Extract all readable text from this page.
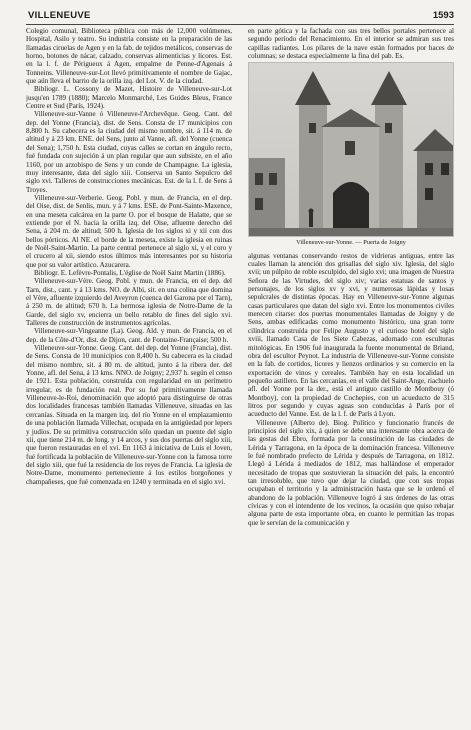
VILLENEUVE	1593

Colegio comunal, Biblioteca pública con más de 12,000 volúmenes, Hospital, Asilo y teatro. Su industria consiste en la preparación de las llamadas ciruelas de Agen y en la fab. de tejidos metálicos, conservas de horno, botones de nácar, calzado, conservas alimenticias y licores. Est. en la l. f. de Périgueux á Agen, empalme de Penne-d'Agenais á Tonneins. Villeneuve-sur-Lot llevó primitivamente el nombre de Gajac, que aún lleva el barrio de la orilla izq. del Lot. V. de la ciudad.

Bibliogr. L. Cossony de Mazet, Histoire de Villeneuve-sur-Lot jusqu'en 1789 (1880); Marcelo Monmarché, Les Guides Bleus, France Centre et Sud (París, 1924).

Villeneuve-sur-Vanne ó Villeneuve-l'Archevêque. Geog. Cant. del dep. del Yonne (Francia), dist. de Sens. Consta de 17 municipios con 8,800 h. Su cabecera es la ciudad del mismo nombre, sit. á 114 m. de altitud y á 23 km. ENE. del Sens, junto al Vanne, afl. del Yonne (cuenca del Sena); 1,750 h. Esta ciudad, cuyas calles se cortan en ángulo recto, fué fundada con sujeción á un plan regular que aun subsiste, en el año 1160, por un arzobispo de Sens y un conde de Champagne. La iglesia, muy interesante, data del siglo xiii. Conserva un Santo Sepulcro del siglo xvi. Talleres de construcciones mecánicas. Est. de la l. f. de Sens á Troyes.

Villeneuve-sur-Verberie. Geog. Pobl. y mun. de Francia, en el dep. del Oise, dist. de Senlis, mun. y á 7 kms. ESE. de Pont-Sainte-Maxence, en una meseta calcárea en la parte O. por el bosque de Halatte, que se extiende por el N. hacia la orilla izq. del Oise, afluente derecho del Sena, á 204 m. de altitud; 500 h. Iglesia de los siglos xi y xii con dos bellos pórticos. Al NE. el borde de la meseta, existe la iglesia en ruinas de Noël-Saint-Martin. La parte central pertenece al siglo xi, y el coro y el crucero al xii, siendo estos últimos más interesantes por su historia que por su valor artístico. Azucarera.

Bibliogr. E. Lefèvre-Pontalis, L'église de Noël Saint Martin (1886).

Villeneuve-sur-Vère. Geog. Pobl. y mun. de Francia, en el dep. del Tarn, dist., cant. y á 13 kms. NO. de Albi, sit. en una colina que domina el Vère, afluente izquierdo del Aveyron (cuenca del Garona por el Tarn), á 250 m. de altitud; 670 h. La hermosa iglesia de Notre-Dame de la Garde, del siglo xv, encierra un bello retablo de fines del siglo xvi. Talleres de construcción de instrumentos agrícolas.

Villeneuve-sur-Vingeanne (La). Geog. Ald. y mun. de Francia, en el dep. de la Côte-d'Or, dist. de Dijon, cant. de Fontaine-Française; 500 h.

Villeneuve-sur-Yonne. Geog. Cant. del dep. del Yonne (Francia), dist. de Sens. Consta de 10 municipios con 8,400 h. Su cabecera es la ciudad del mismo nombre, sit. á 80 m. de altitud, junto á la ribera der. del Yonne, afl. del Sena, á 13 kms. NNO. de Joigny; 2,937 h. según el censo de 1921. Esta población, construída con regularidad en un perímetro irregular, es de fundación real. Por su fué primitivamente llamada Villeneuve-le-Roi, denominación que adoptó para distinguirse de otras dos localidades francesas también llamadas Villeneuve, situadas en las cercanías. Situada en la margen izq. del río Yonne en el emplazamiento de una población llamada Villechat, ocupada en la antigüedad por lepers y judíos. De su primitiva construcción sólo quedan un puente del siglo xii, que tiene 214 m. de long. y 14 arcos, y sus dos puertas del siglo xiii, que fueron restauradas en el xvi. En 1163 á iniciativa de Luis el Joven, fué fortificada la población de Villeneuve-sur-Yonne con la famosa torre del siglo xiii, que fué la residencia de los reyes de Francia. La iglesia de Notre-Dame, monumento perteneciente á los estilos borgoñones y champañeses, que fué comenzada en 1240 y terminada en el siglo xvi.

en parte gótica y la fachada con sus tres bellos portales pertenece al segundo período del Renacimiento. En el interior se admiran sus tres capillas radiantes. Los pilares de la nave están formados por haces de columnas; se destaca especialmente la fina del pab. Es.

Villeneuve-sur-Yonne. — Puerta de Joigny

algunas ventanas conservando restos de vidrieras antiguas, entre las cuales llaman la atención dos grisallas del siglo xiv. Iglesia, del siglo xvii; un púlpito de roble esculpido, del siglo xvi; una imagen de Nuestra Señora de las Virtudes, del siglo xiv; varias estatuas de santos y personajes, de los siglos xv y xvi, y numerosas lápidas y losas sepulcrales de distintas épocas. Hay en Villeneuve-sur-Yonne algunas casas particulares que datan del siglo xvi. Entre los monumentos civiles merecen citarse: dos puertas monumentales llamadas de Joigny y de Sens, ambas edificadas como monumento histórico, una gran torre cilíndrica construída por Felipe Augusto y el curioso hotel del siglo xviii, llamado Casa de los Siete Cabezas, adornado con esculturas mitológicas. En 1906 fué inaugurada la fuente monumental de Briand, obra del escultor Peynot. La industria de Villeneuve-sur-Yonne consiste en la fab. de cortidos, licores y lienzos ordinarios y su comercio en la exportación de vinos y cereales. También hay en esta localidad un pequeño astillero. En las cercanías, en el valle del Saint-Ange, riachuelo afl. del Yonne por la der., está el antiguo castillo de Montbouy (ó Montboy), con la propiedad de Cochepies, con un acueducto de 315 litros por segundo y cuyas aguas son conducidas á París por el acueducto del Vanne. Est. de la l. f. de París á Lyon.

Villeneuve (Alberto de). Biog. Político y funcionario francés de principios del siglo xix, á quien se debe una interesante obra acerca de las gestas del Ebro, formada por la constitución de las ciudades de Lérida y Tarragona, en la época de la dominación francesa. Villeneuve le fué nombrado prefecto de Lérida y después de Tarragona, en 1812. Llegó á Lérida á mediados de 1812, mas hallándose el emperador necesitado de tropas que sostuvieran la situación del país, la encontró tan irresoluble, que tuvo que dejar la ciudad, que con sus tropas ocupaban el territorio y la administración hasta que se le ordenó el abandono de la población. Villeneuve logró á sus órdenes de las otras cívicas y con el intendente de los vecinos, la ocasión que quiso rebajar alguna parte de esta importante obra, en cuanto le permitían las tropas que le servían de la comunicación y
